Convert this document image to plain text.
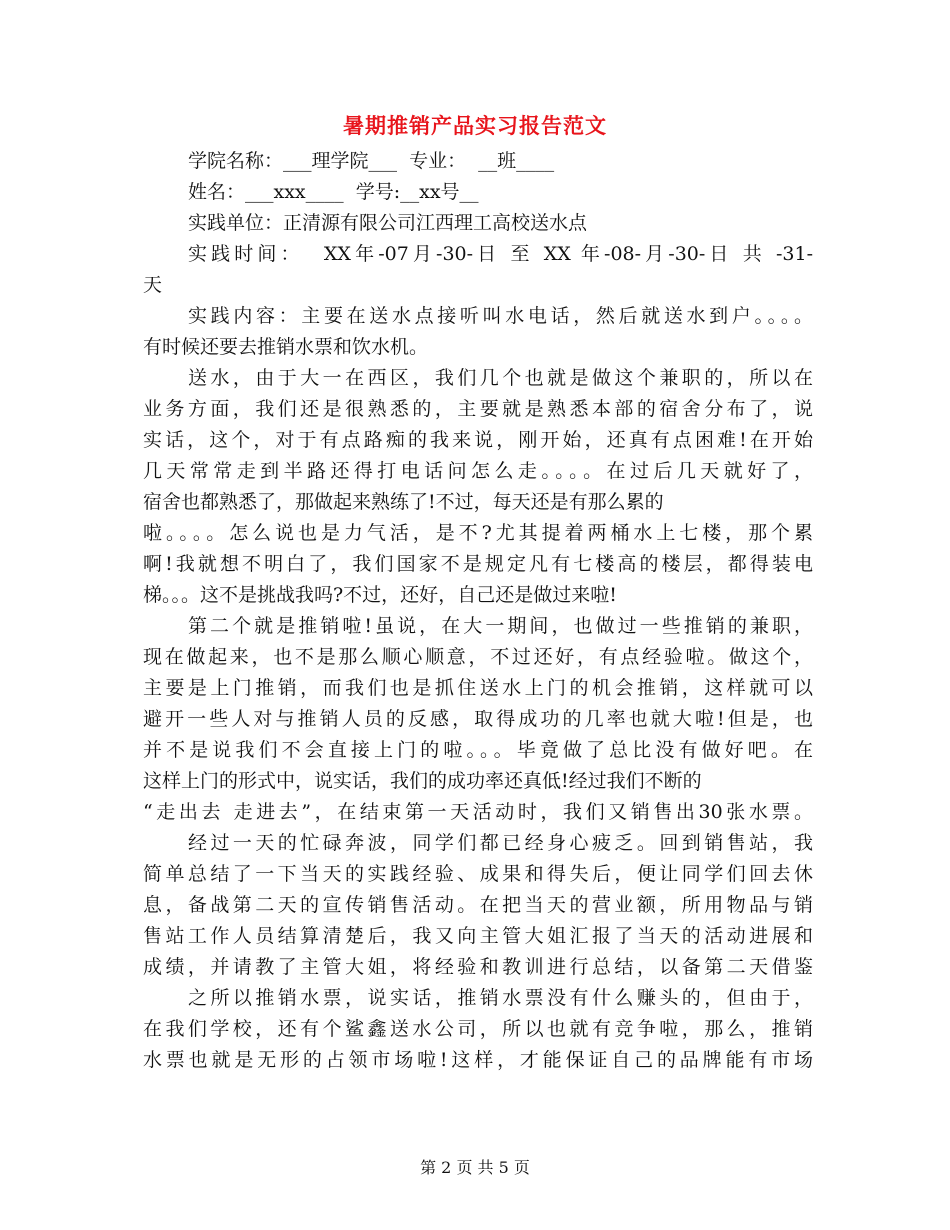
暑期推销产品实习报告范文
学院名称：___理学院___  专业：  __班____
姓名：___xxx____  学号:__xx号__
实践单位：正清源有限公司江西理工高校送水点
实践时间：  XX年-07月-30-日 至 XX 年-08-月-30-日 共 -31-
天
实践内容：主要在送水点接听叫水电话，然后就送水到户。。。。
有时候还要去推销水票和饮水机。
送水，由于大一在西区，我们几个也就是做这个兼职的，所以在
业务方面，我们还是很熟悉的，主要就是熟悉本部的宿舍分布了，说
实话，这个，对于有点路痴的我来说，刚开始，还真有点困难!在开始
几天常常走到半路还得打电话问怎么走。。。。在过后几天就好了，
宿舍也都熟悉了，那做起来熟练了!不过，每天还是有那么累的
啦。。。。怎么说也是力气活，是不?尤其提着两桶水上七楼，那个累
啊!我就想不明白了，我们国家不是规定凡有七楼高的楼层，都得装电
梯。。。这不是挑战我吗?不过，还好，自己还是做过来啦!
第二个就是推销啦!虽说，在大一期间，也做过一些推销的兼职，
现在做起来，也不是那么顺心顺意，不过还好，有点经验啦。做这个，
主要是上门推销，而我们也是抓住送水上门的机会推销，这样就可以
避开一些人对与推销人员的反感，取得成功的几率也就大啦!但是，也
并不是说我们不会直接上门的啦。。。毕竟做了总比没有做好吧。在
这样上门的形式中，说实话，我们的成功率还真低!经过我们不断的
“走出去 走进去”，在结束第一天活动时，我们又销售出30张水票。
经过一天的忙碌奔波，同学们都已经身心疲乏。回到销售站，我
简单总结了一下当天的实践经验、成果和得失后，便让同学们回去休
息，备战第二天的宣传销售活动。在把当天的营业额，所用物品与销
售站工作人员结算清楚后，我又向主管大姐汇报了当天的活动进展和
成绩，并请教了主管大姐，将经验和教训进行总结，以备第二天借鉴
之所以推销水票，说实话，推销水票没有什么赚头的，但由于，
在我们学校，还有个鲨鑫送水公司，所以也就有竞争啦，那么，推销
水票也就是无形的占领市场啦!这样，才能保证自己的品牌能有市场
第 2 页 共 5 页
